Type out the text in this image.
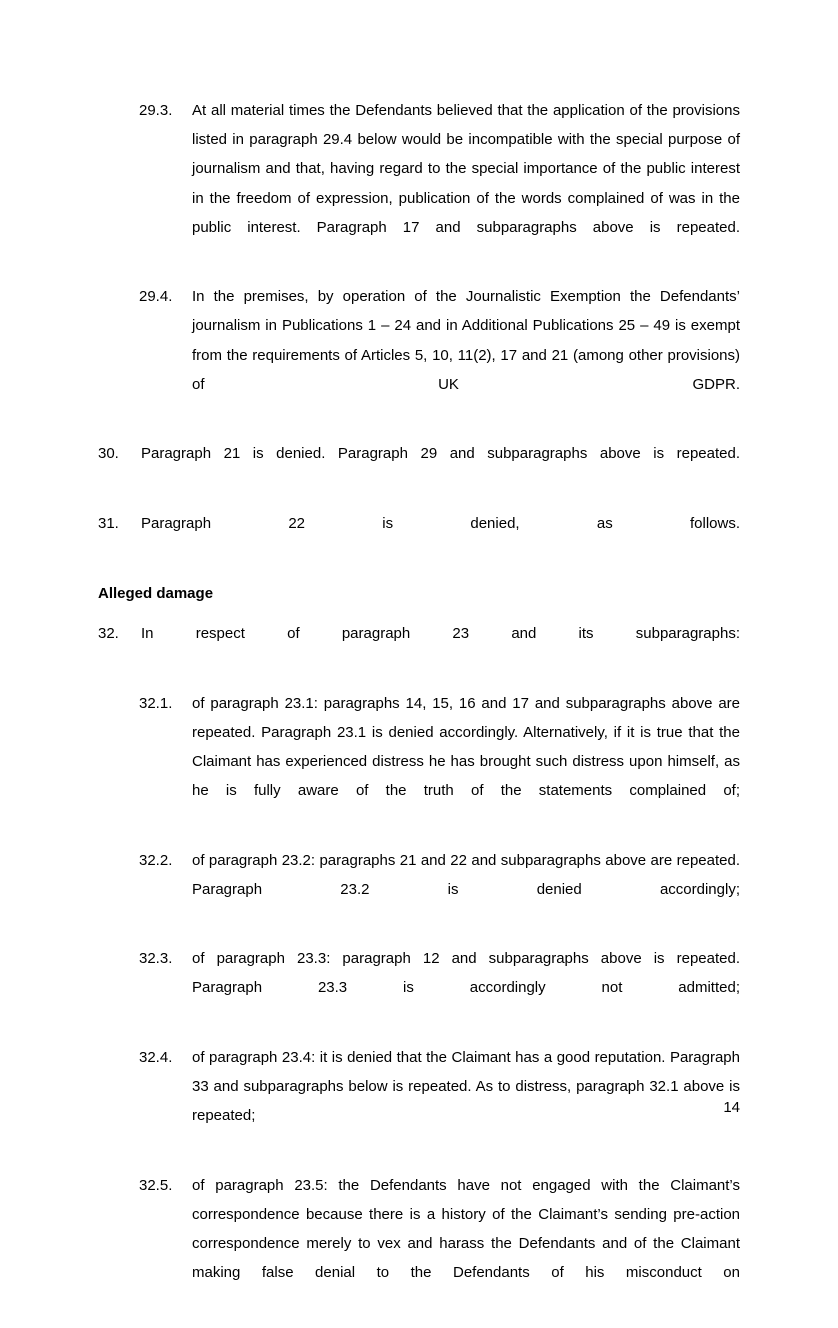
29.3. At all material times the Defendants believed that the application of the provisions listed in paragraph 29.4 below would be incompatible with the special purpose of journalism and that, having regard to the special importance of the public interest in the freedom of expression, publication of the words complained of was in the public interest. Paragraph 17 and subparagraphs above is repeated.
29.4. In the premises, by operation of the Journalistic Exemption the Defendants’ journalism in Publications 1 – 24 and in Additional Publications 25 – 49 is exempt from the requirements of Articles 5, 10, 11(2), 17 and 21 (among other provisions) of UK GDPR.
30. Paragraph 21 is denied. Paragraph 29 and subparagraphs above is repeated.
31. Paragraph 22 is denied, as follows.
Alleged damage
32. In respect of paragraph 23 and its subparagraphs:
32.1. of paragraph 23.1: paragraphs 14, 15, 16 and 17 and subparagraphs above are repeated. Paragraph 23.1 is denied accordingly. Alternatively, if it is true that the Claimant has experienced distress he has brought such distress upon himself, as he is fully aware of the truth of the statements complained of;
32.2. of paragraph 23.2: paragraphs 21 and 22 and subparagraphs above are repeated. Paragraph 23.2 is denied accordingly;
32.3. of paragraph 23.3: paragraph 12 and subparagraphs above is repeated. Paragraph 23.3 is accordingly not admitted;
32.4. of paragraph 23.4: it is denied that the Claimant has a good reputation. Paragraph 33 and subparagraphs below is repeated. As to distress, paragraph 32.1 above is repeated;
32.5. of paragraph 23.5: the Defendants have not engaged with the Claimant’s correspondence because there is a history of the Claimant’s sending pre-action correspondence merely to vex and harass the Defendants and of the Claimant making false denial to the Defendants of his misconduct on
14
